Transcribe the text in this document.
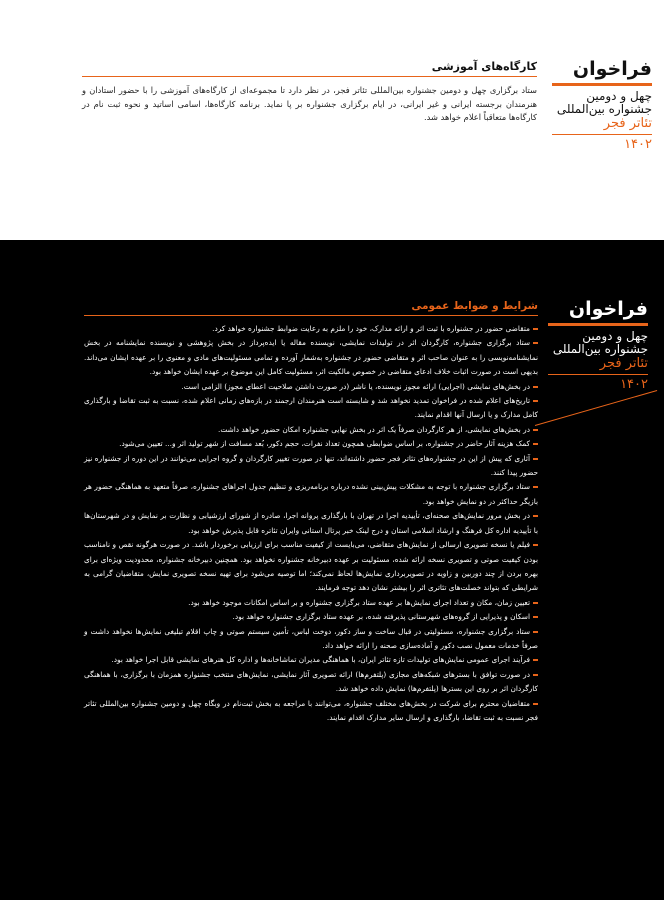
فراخوان
چهل و دومین
جشنواره بین‌المللی
تئاتر فجر
۱۴۰۲
کارگاه‌های آموزشی
ستاد برگزاری چهل و دومین جشنواره بین‌المللی تئاتر فجر، در نظر دارد تا مجموعه‌ای از کارگاه‌های آموزشی را با حضور استادان و هنرمندان برجسته ایرانی و غیر ایرانی، در ایام برگزاری جشنواره بر پا نماید. برنامه کارگاه‌ها، اسامی اساتید و نحوه ثبت نام در کارگاه‌ها متعاقباً اعلام خواهد شد.
فراخوان
چهل و دومین
جشنواره بین‌المللی
تئاتر فجر
۱۴۰۲
شرایط و ضوابط عمومی
متقاضی حضور در جشنواره با ثبت اثر و ارائه مدارک، خود را ملزم به رعایت ضوابط جشنواره خواهد کرد.
ستاد برگزاری جشنواره، کارگردان اثر در تولیدات نمایشی، نویسنده مقاله یا ایده‌پرداز در بخش پژوهشی و نویسنده نمایشنامه در بخش نمایشنامه‌نویسی را به عنوان صاحب اثر و متقاضی حضور در جشنواره به‌شمار آورده و تمامی مسئولیت‌های مادی و معنوی را بر عهده ایشان می‌داند. بدیهی است در صورت اثبات خلاف ادعای متقاضی در خصوص مالکیت اثر، مسئولیت کامل این موضوع بر عهده ایشان خواهد بود.
در بخش‌های نمایشی (اجرایی) ارائه مجوز نویسنده، یا ناشر (در صورت داشتن صلاحیت اعطای مجوز) الزامی است.
تاریخ‌های اعلام شده در فراخوان تمدید نخواهد شد و شایسته است هنرمندان ارجمند در بازه‌های زمانی اعلام شده، نسبت به ثبت تقاضا و بارگذاری کامل مدارک و یا ارسال آنها اقدام نمایند.
در بخش‌های نمایشی، از هر کارگردان صرفاً یک اثر در بخش نهایی جشنواره امکان حضور خواهد داشت.
کمک هزینه آثار حاضر در جشنواره، بر اساس ضوابطی همچون تعداد نفرات، حجم دکور، بُعد مسافت از شهر تولید اثر و... تعیین می‌شود.
آثاری که پیش از این در جشنواره‌های تئاتر فجر حضور داشته‌اند، تنها در صورت تغییر کارگردان و گروه اجرایی می‌توانند در این دوره از جشنواره نیز حضور پیدا کنند.
ستاد برگزاری جشنواره با توجه به مشکلات پیش‌بینی نشده درباره برنامه‌ریزی و تنظیم جدول اجراهای جشنواره، صرفاً متعهد به هماهنگی حضور هر بازیگر حداکثر در دو نمایش خواهد بود.
در بخش مرور نمایش‌های صحنه‌ای، تأییدیه اجرا در تهران با بارگذاری پروانه اجرا، صادره از شورای ارزشیابی و نظارت بر نمایش و در شهرستان‌ها با تأییدیه اداره کل فرهنگ و ارشاد اسلامی استان و درج لینک خبر پرتال استانی وایران تئاتره قابل پذیرش خواهد بود.
فیلم یا نسخه تصویری ارسالی از نمایش‌های متقاضی، می‌بایست از کیفیت مناسب برای ارزیابی برخوردار باشد. در صورت هرگونه نقص و نامناسب بودن کیفیت صوتی و تصویری نسخه ارائه شده، مسئولیت بر عهده دبیرخانه جشنواره نخواهد بود. همچنین دبیرخانه جشنواره، محدودیت ویژه‌ای برای بهره بردن از چند دوربین و زاویه در تصویربرداری نمایش‌ها لحاظ نمی‌کند؛ اما توصیه می‌شود برای تهیه نسخه تصویری نمایش، متقاضیان گرامی به شرایطی که بتواند خصلت‌های تئاتری اثر را بیشتر نشان دهد توجه فرمایند.
تعیین زمان، مکان و تعداد اجرای نمایش‌ها بر عهده ستاد برگزاری جشنواره و بر اساس امکانات موجود خواهد بود.
اسکان و پذیرایی از گروه‌های شهرستانی پذیرفته شده، بر عهده ستاد برگزاری جشنواره خواهد بود.
ستاد برگزاری جشنواره، مسئولیتی در قبال ساخت و ساز دکور، دوخت لباس، تأمین سیستم صوتی و چاپ اقلام تبلیغی نمایش‌ها نخواهد داشت و صرفاً خدمات معمول نصب دکور و آماده‌سازی صحنه را ارائه خواهد داد.
فرآیند اجرای عمومی نمایش‌های تولیدات تازه تئاتر ایران، با هماهنگی مدیران تماشاخانه‌ها و اداره کل هنرهای نمایشی قابل اجرا خواهد بود.
در صورت توافق با بسترهای شبکه‌های مجازی (پلتفرم‌ها) ارائه تصویری آثار نمایشی، نمایش‌های منتخب جشنواره همزمان با برگزاری، با هماهنگی کارگردان اثر بر روی این بسترها (پلتفرم‌ها) نمایش داده خواهد شد.
متقاضیان محترم برای شرکت در بخش‌های مختلف جشنواره، می‌توانند با مراجعه به بخش ثبت‌نام در وبگاه چهل و دومین جشنواره بین‌المللی تئاتر فجر نسبت به ثبت تقاضا، بارگذاری و ارسال سایر مدارک اقدام نمایند.
